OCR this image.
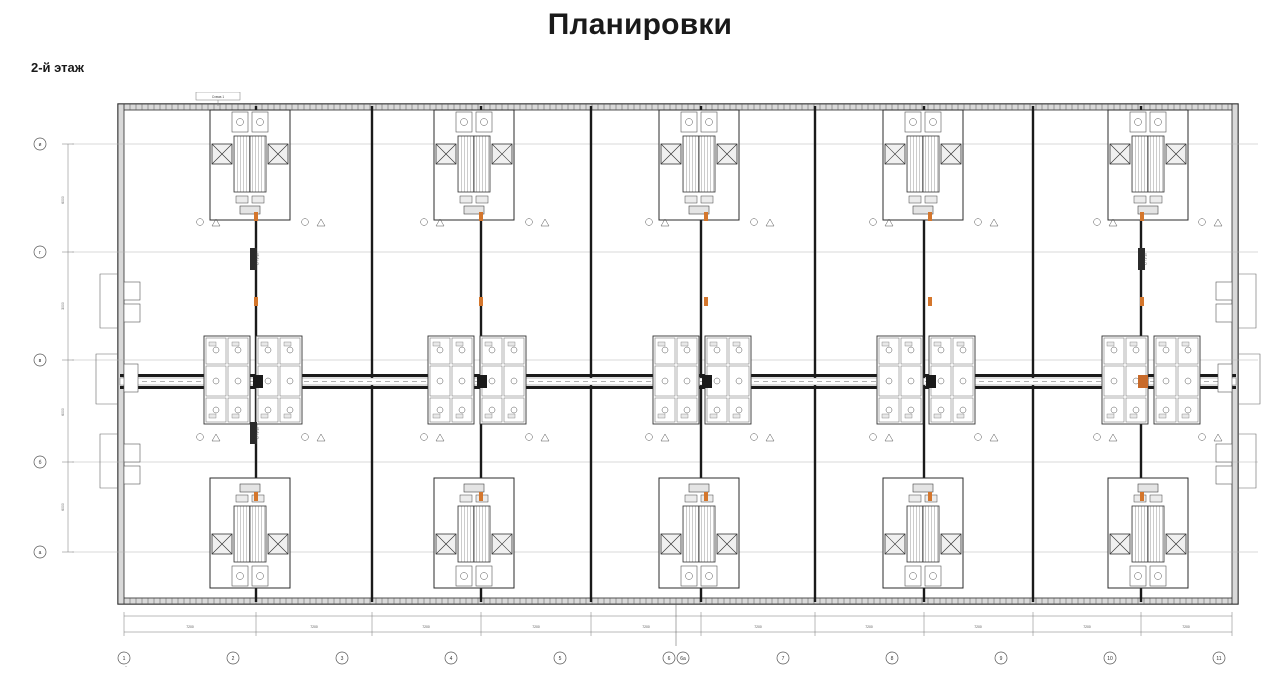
Планировки
2-й этаж
и
г
в
б
а
6000
3000
6000
6000
СП 1-10
СП 1-10
СП 1-10
7200	7200	7200	7200	7200	7200	7200	7200	7200	7200
1	2	3	4	5	6 6а	7	8	9	10	11
Схема 1
